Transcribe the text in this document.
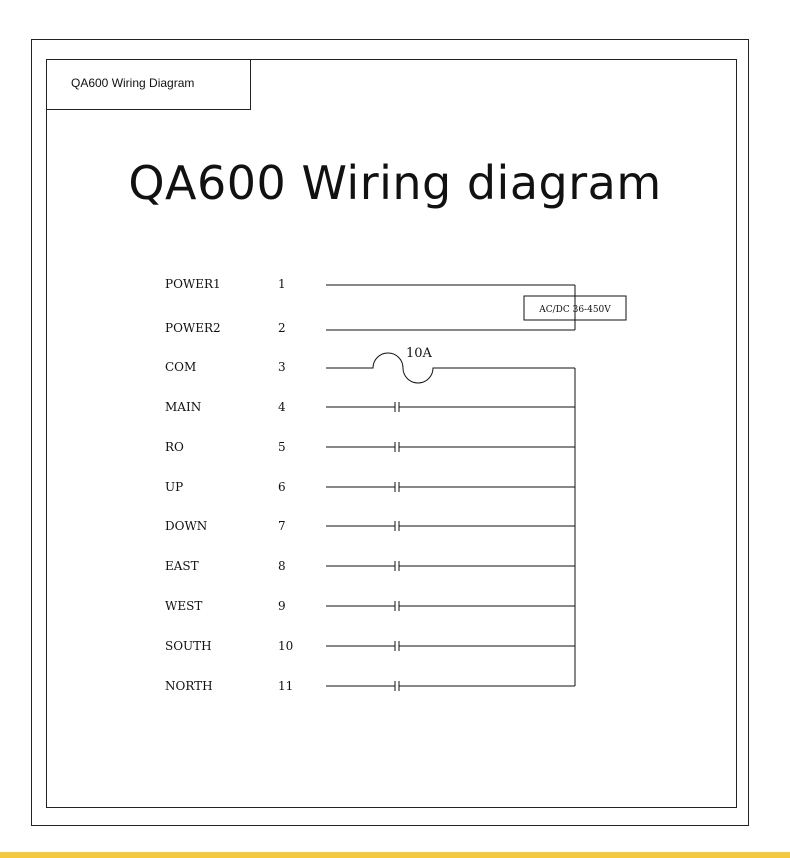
QA600 Wiring Diagram
QA600 Wiring diagram
AC/DC 36-450V
10A
POWER1	1
POWER2	2
COM	3
MAIN	4
RO	5
UP	6
DOWN	7
EAST	8
WEST	9
SOUTH	10
NORTH	11
